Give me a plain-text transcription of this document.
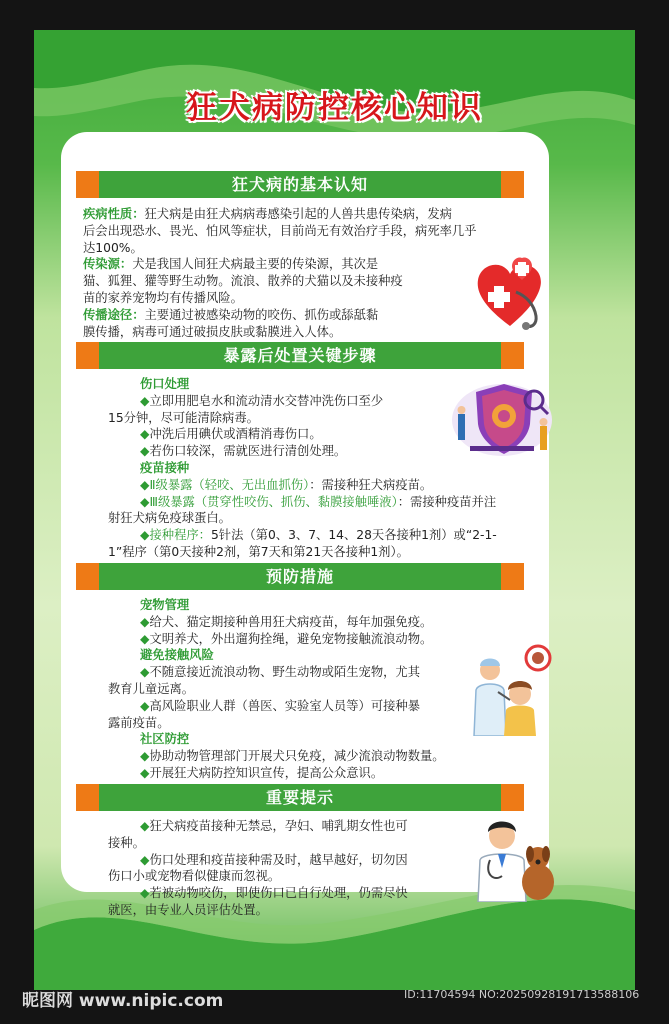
狂犬病防控核心知识
狂犬病的基本认知

疾病性质：狂犬病是由狂犬病病毒感染引起的人兽共患传染病，发病

后会出现恐水、畏光、怕风等症状，目前尚无有效治疗手段，病死率几乎

达100%。

传染源：犬是我国人间狂犬病最主要的传染源，其次是

猫、狐狸、獾等野生动物。流浪、散养的犬猫以及未接种疫

苗的家养宠物均有传播风险。

传播途径：主要通过被感染动物的咬伤、抓伤或舔舐黏

膜传播，病毒可通过破损皮肤或黏膜进入人体。

暴露后处置关键步骤

伤口处理

◆立即用肥皂水和流动清水交替冲洗伤口至少

15分钟，尽可能清除病毒。

◆冲洗后用碘伏或酒精消毒伤口。

◆若伤口较深，需就医进行清创处理。

疫苗接种

◆Ⅱ级暴露（轻咬、无出血抓伤）：需接种狂犬病疫苗。

◆Ⅲ级暴露（贯穿性咬伤、抓伤、黏膜接触唾液）：需接种疫苗并注

射狂犬病免疫球蛋白。

◆接种程序：5针法（第0、3、7、14、28天各接种1剂）或“2-1-

1”程序（第0天接种2剂，第7天和第21天各接种1剂）。

预防措施

宠物管理

◆给犬、猫定期接种兽用狂犬病疫苗，每年加强免疫。

◆文明养犬，外出遛狗拴绳，避免宠物接触流浪动物。

避免接触风险

◆不随意接近流浪动物、野生动物或陌生宠物，尤其

教育儿童远离。

◆高风险职业人群（兽医、实验室人员等）可接种暴

露前疫苗。

社区防控

◆协助动物管理部门开展犬只免疫，减少流浪动物数量。

◆开展狂犬病防控知识宣传，提高公众意识。

重要提示

◆狂犬病疫苗接种无禁忌，孕妇、哺乳期女性也可

接种。

◆伤口处理和疫苗接种需及时，越早越好，切勿因

伤口小或宠物看似健康而忽视。

◆若被动物咬伤，即使伤口已自行处理，仍需尽快

就医，由专业人员评估处置。

昵图网 www.nipic.com	ID:11704594 NO:20250928191713588106
